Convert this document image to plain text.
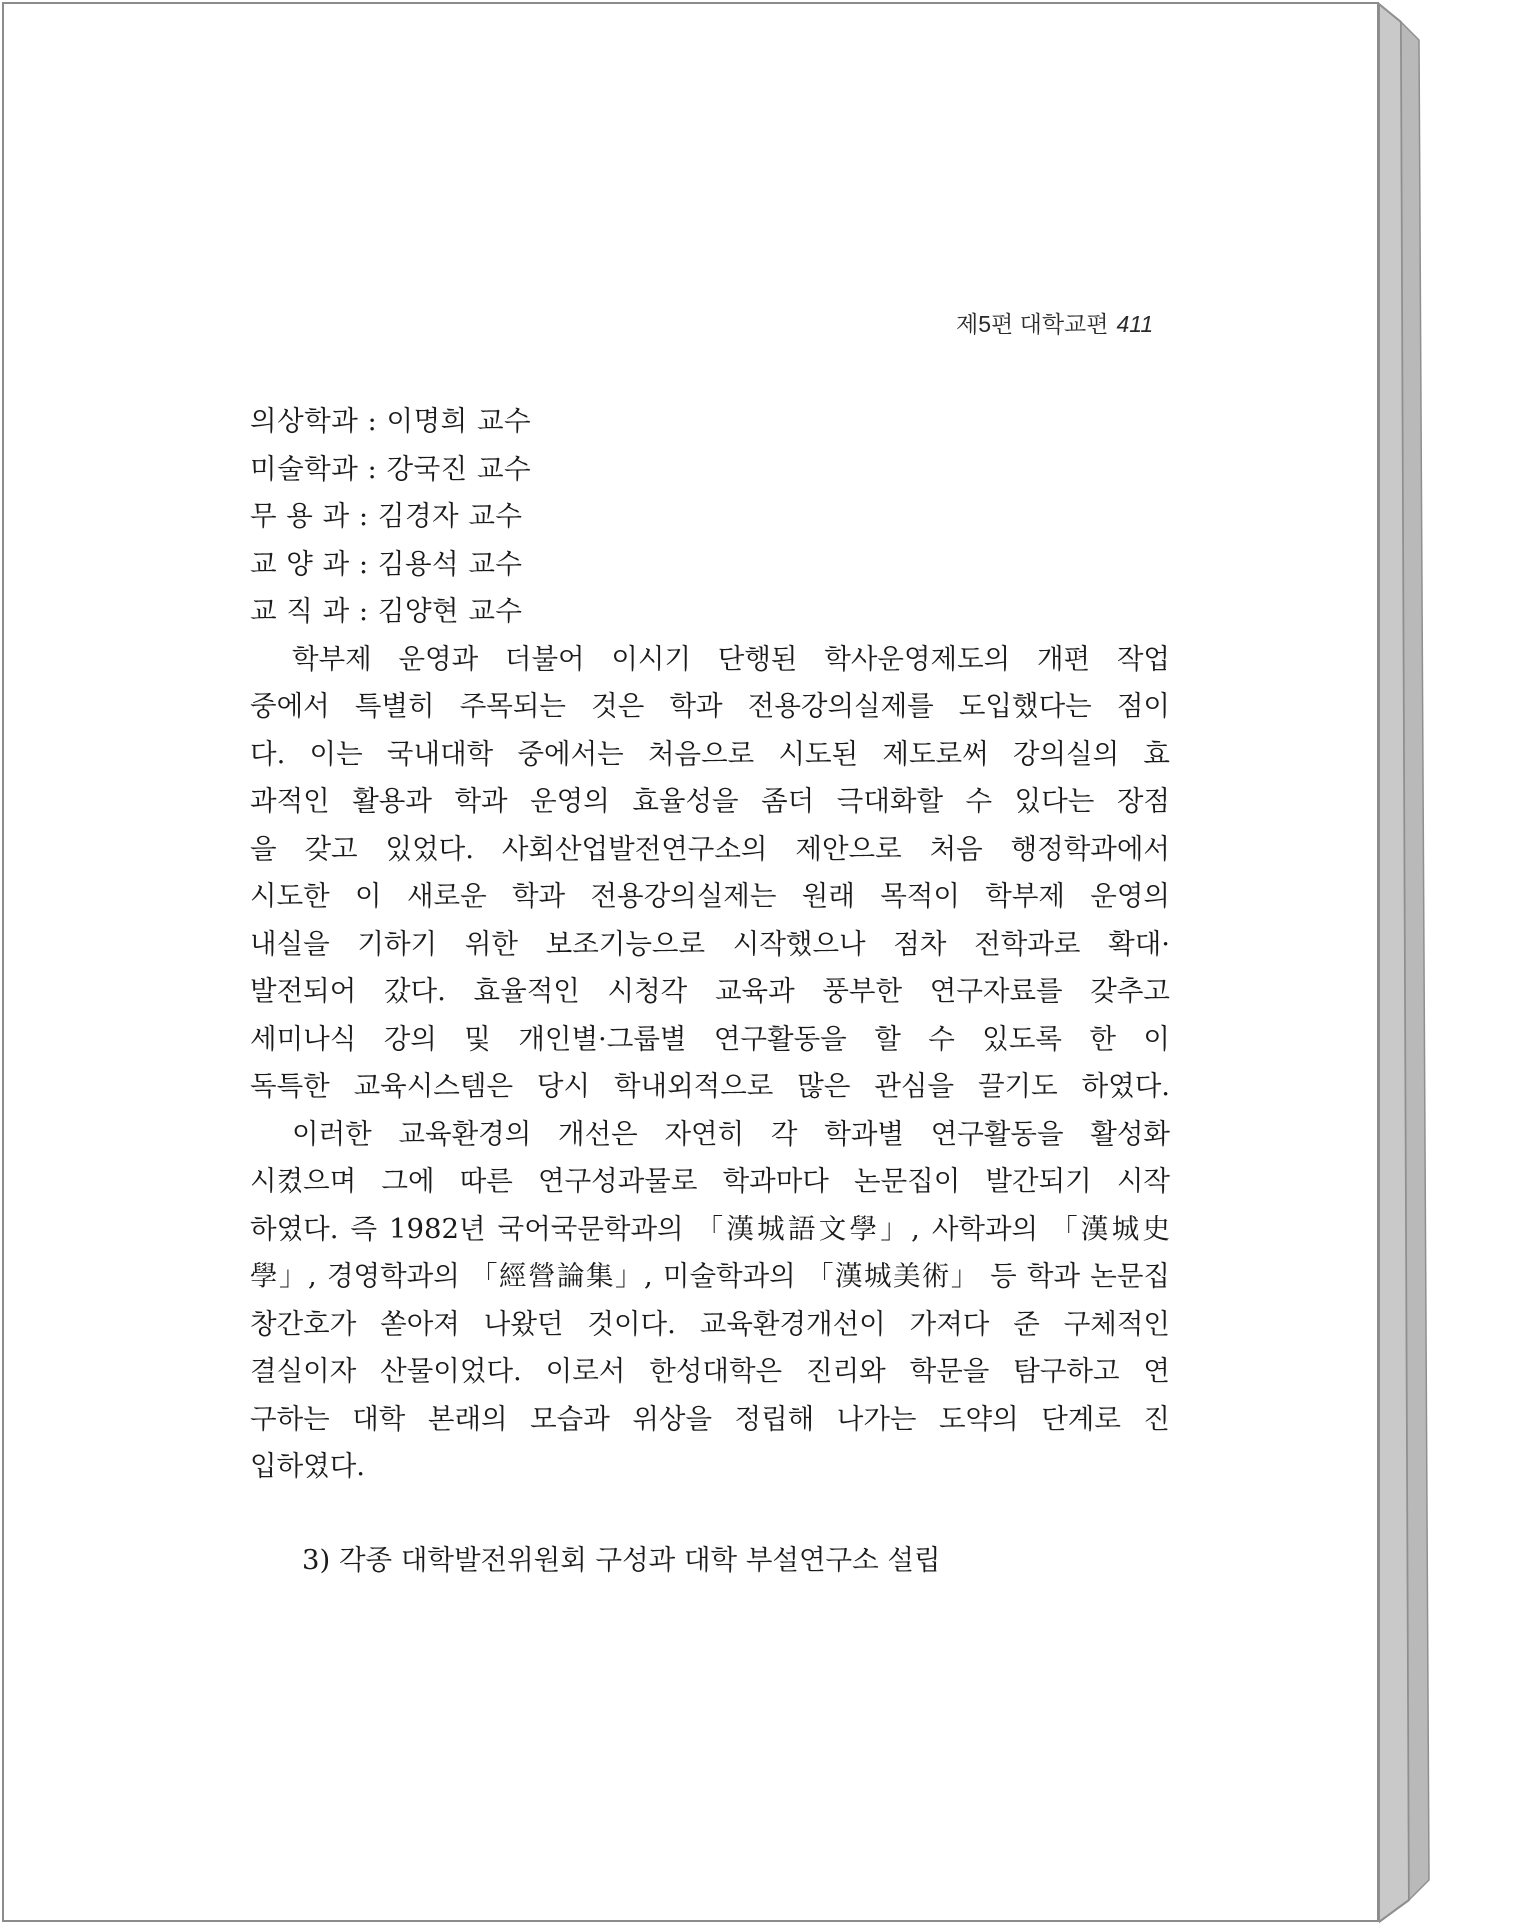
제5편 대학교편 411
의상학과 : 이명희 교수
미술학과 : 강국진 교수
무 용 과 : 김경자 교수
교 양 과 : 김용석 교수
교 직 과 : 김양현 교수
학부제 운영과 더불어 이시기 단행된 학사운영제도의 개편 작업
중에서 특별히 주목되는 것은 학과 전용강의실제를 도입했다는 점이
다. 이는 국내대학 중에서는 처음으로 시도된 제도로써 강의실의 효
과적인 활용과 학과 운영의 효율성을 좀더 극대화할 수 있다는 장점
을 갖고 있었다. 사회산업발전연구소의 제안으로 처음 행정학과에서
시도한 이 새로운 학과 전용강의실제는 원래 목적이 학부제 운영의
내실을 기하기 위한 보조기능으로 시작했으나 점차 전학과로 확대·
발전되어 갔다. 효율적인 시청각 교육과 풍부한 연구자료를 갖추고
세미나식 강의 및 개인별·그룹별 연구활동을 할 수 있도록 한 이
독특한 교육시스템은 당시 학내외적으로 많은 관심을 끌기도 하였다.
이러한 교육환경의 개선은 자연히 각 학과별 연구활동을 활성화
시켰으며 그에 따른 연구성과물로 학과마다 논문집이 발간되기 시작
하였다. 즉 1982년 국어국문학과의 「漢城語文學」, 사학과의 「漢城史
學」, 경영학과의 「經營論集」, 미술학과의 「漢城美術」 등 학과 논문집
창간호가 쏟아져 나왔던 것이다. 교육환경개선이 가져다 준 구체적인
결실이자 산물이었다. 이로서 한성대학은 진리와 학문을 탐구하고 연
구하는 대학 본래의 모습과 위상을 정립해 나가는 도약의 단계로 진
입하였다.
3) 각종 대학발전위원회 구성과 대학 부설연구소 설립
